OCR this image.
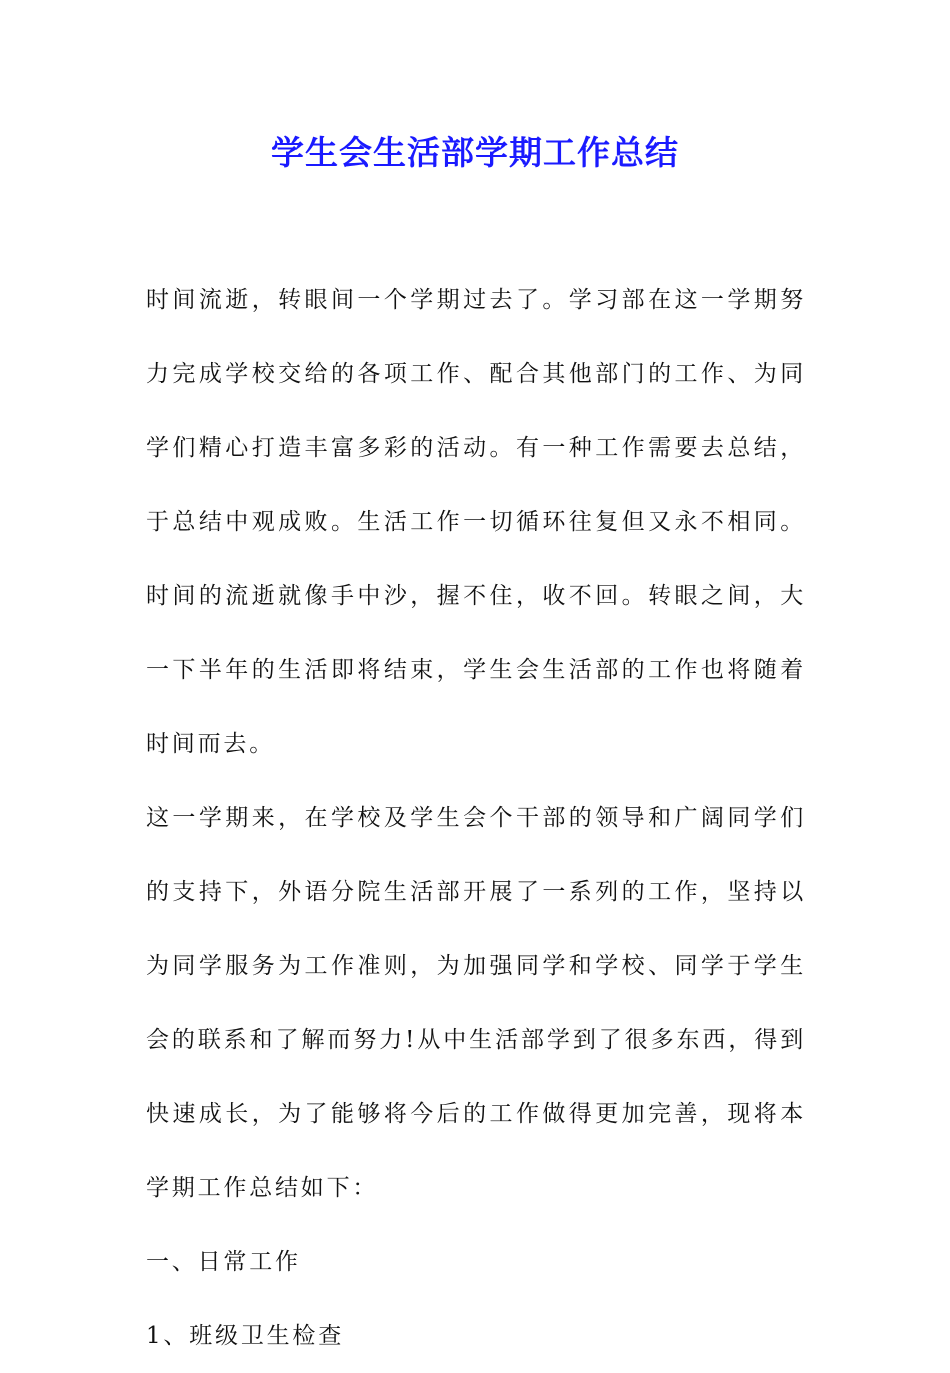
学生会生活部学期工作总结

时间流逝，转眼间一个学期过去了。学习部在这一学期努力完成学校交给的各项工作、配合其他部门的工作、为同学们精心打造丰富多彩的活动。有一种工作需要去总结，于总结中观成败。生活工作一切循环往复但又永不相同。时间的流逝就像手中沙，握不住，收不回。转眼之间，大一下半年的生活即将结束，学生会生活部的工作也将随着时间而去。

这一学期来，在学校及学生会个干部的领导和广阔同学们的支持下，外语分院生活部开展了一系列的工作，坚持以为同学服务为工作准则，为加强同学和学校、同学于学生会的联系和了解而努力!从中生活部学到了很多东西，得到快速成长，为了能够将今后的工作做得更加完善，现将本学期工作总结如下：

一、日常工作

1、班级卫生检查
